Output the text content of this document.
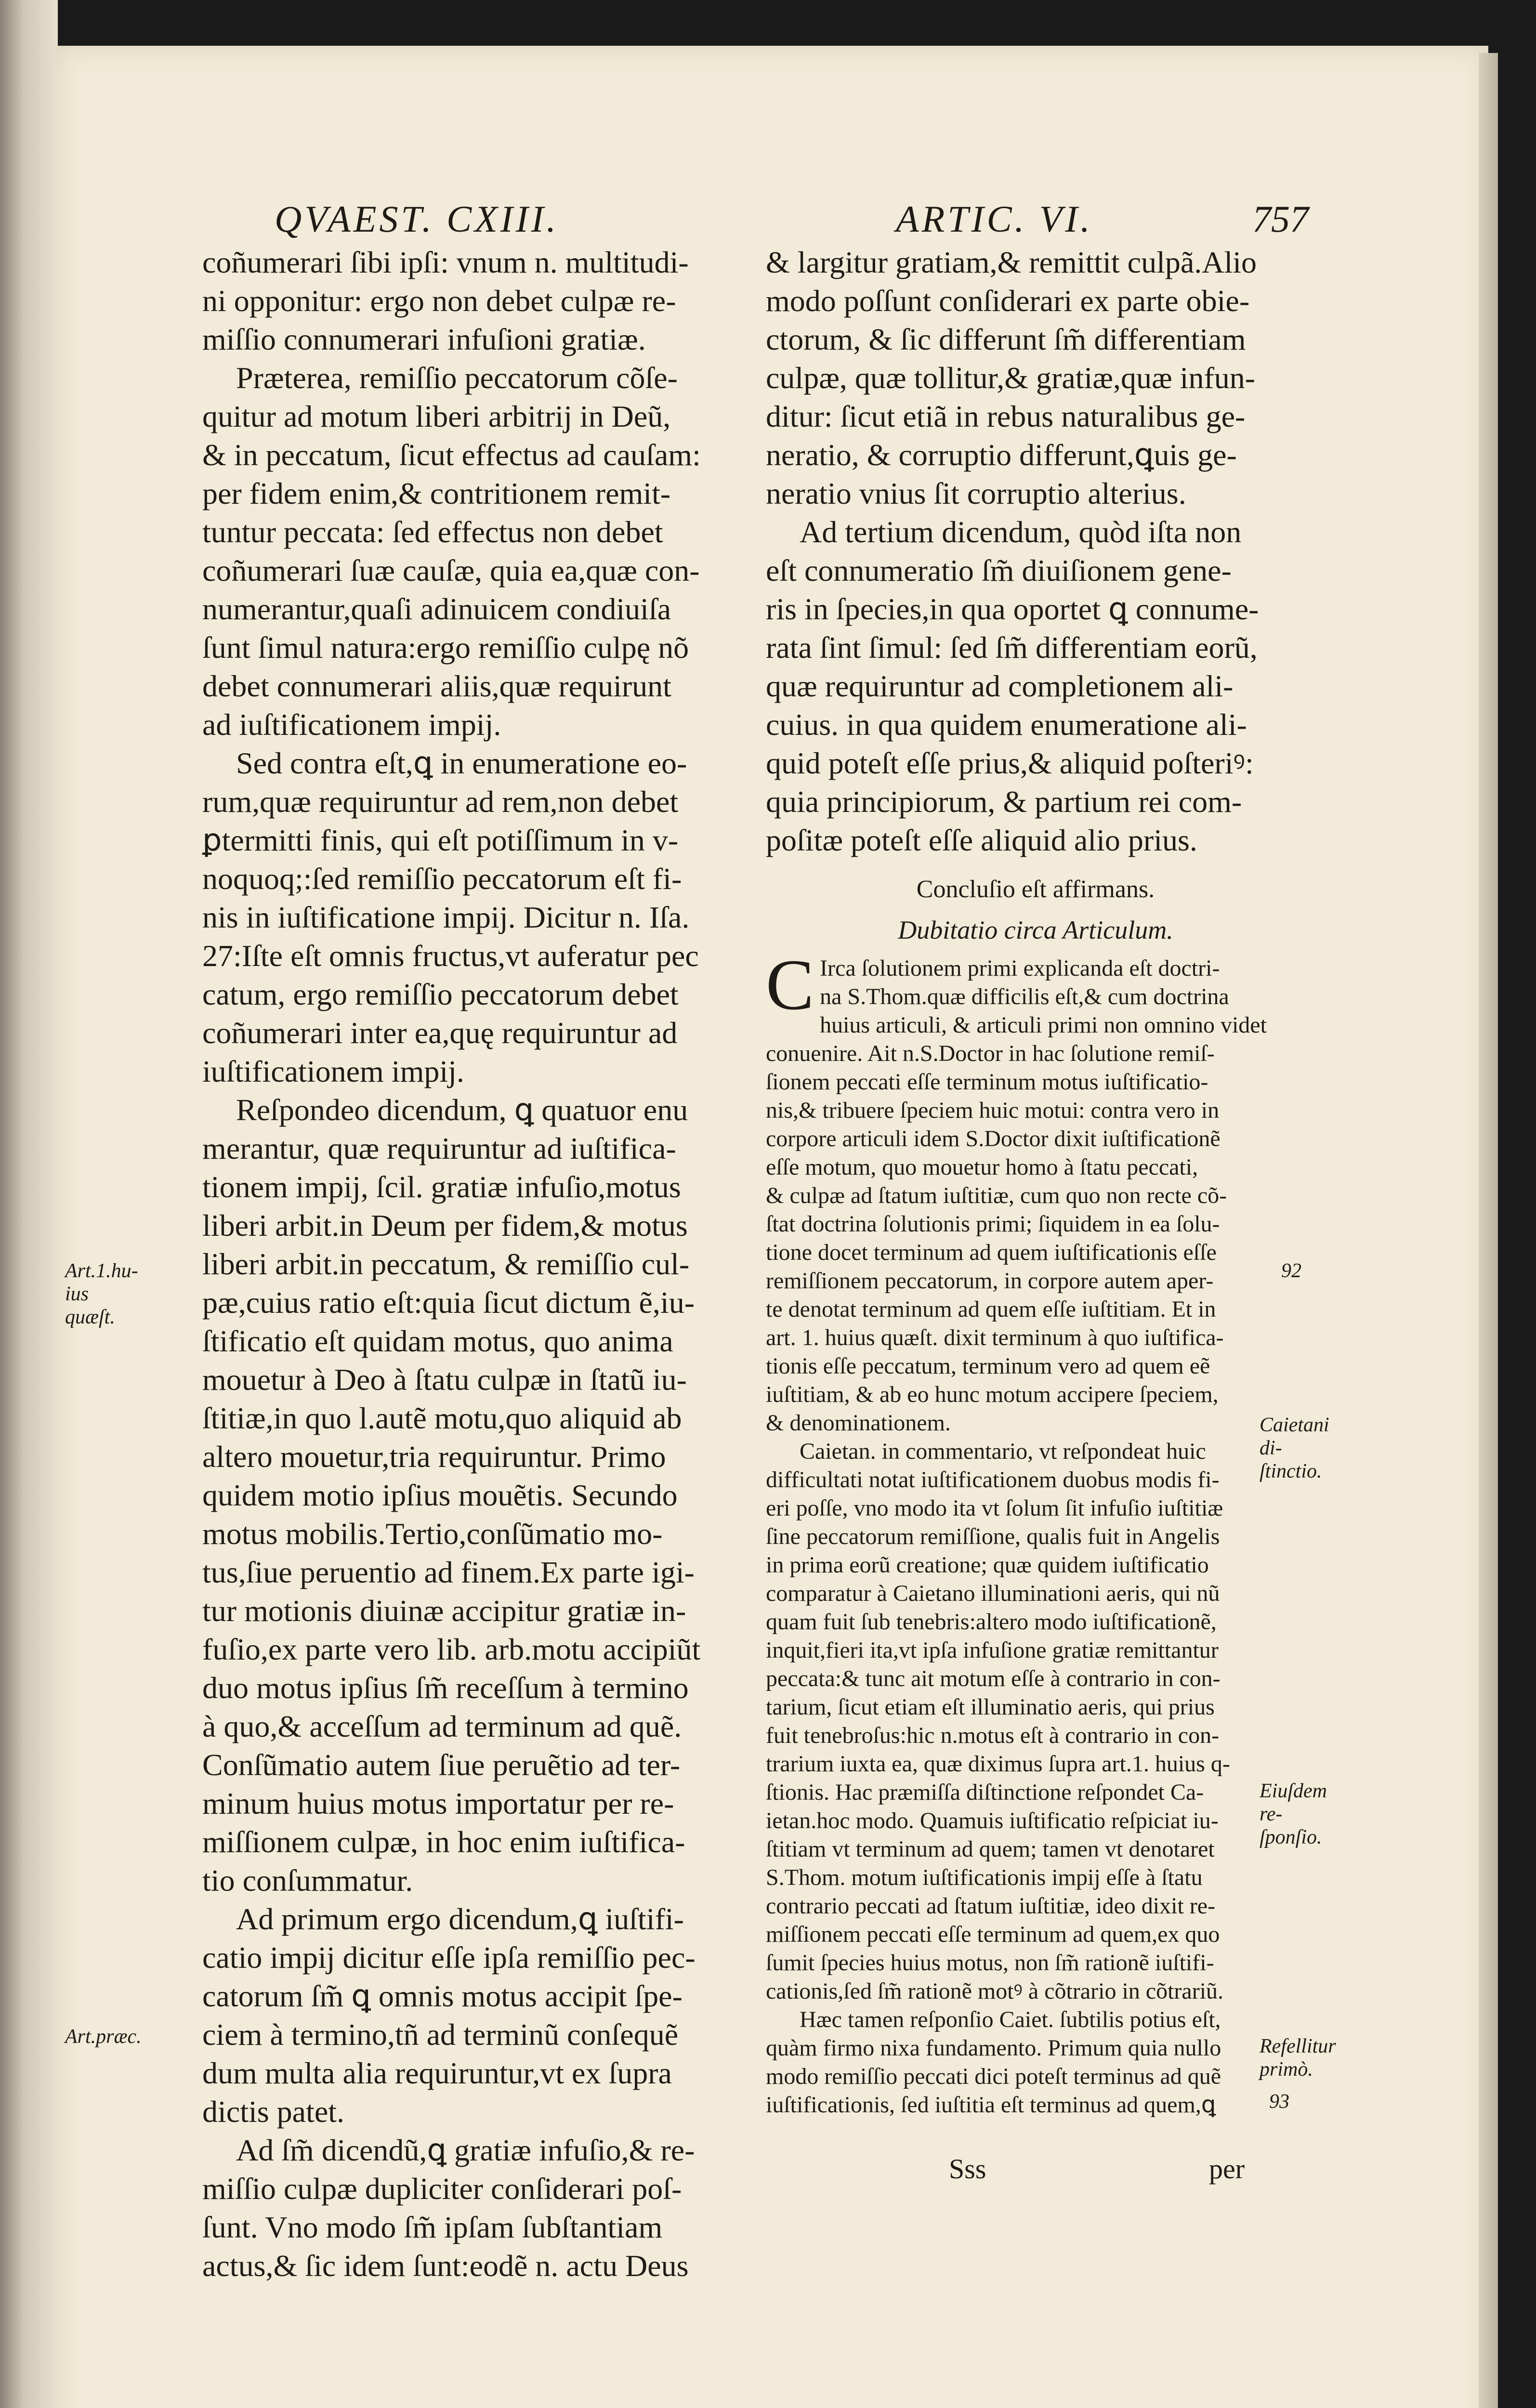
QVAEST. CXIII.	ARTIC. VI.	757
coñumerari ſibi ipſi: vnum n. multitudi-
ni opponitur: ergo non debet culpæ re-
miſſio connumerari infuſioni gratiæ.
Præterea, remiſſio peccatorum cõſe-
quitur ad motum liberi arbitrij in Deũ,
& in peccatum, ſicut effectus ad cauſam:
per fidem enim,& contritionem remit-
tuntur peccata: ſed effectus non debet
coñumerari ſuæ cauſæ, quia ea,quæ con-
numerantur,quaſi adinuicem condiuiſa
ſunt ſimul natura:ergo remiſſio culpę nõ
debet connumerari aliis,quæ requirunt
ad iuſtificationem impij.
Sed contra eſt,ꝗ in enumeratione eo-
rum,quæ requiruntur ad rem,non debet
ꝑtermitti finis, qui eſt potiſſimum in v-
noquoq;:ſed remiſſio peccatorum eſt fi-
nis in iuſtificatione impij. Dicitur n. Iſa.
27:Iſte eſt omnis fructus,vt auferatur pec
catum, ergo remiſſio peccatorum debet
coñumerari inter ea,quę requiruntur ad
iuſtificationem impij.
Reſpondeo dicendum, ꝗ quatuor enu
merantur, quæ requiruntur ad iuſtifica-
tionem impij, ſcil. gratiæ infuſio,motus
liberi arbit.in Deum per fidem,& motus
liberi arbit.in peccatum, & remiſſio cul-
pæ,cuius ratio eſt:quia ſicut dictum ẽ,iu-
ſtificatio eſt quidam motus, quo anima
mouetur à Deo à ſtatu culpæ in ſtatũ iu-
ſtitiæ,in quo l.autẽ motu,quo aliquid ab
altero mouetur,tria requiruntur. Primo
quidem motio ipſius mouẽtis. Secundo
motus mobilis.Tertio,conſũmatio mo-
tus,ſiue peruentio ad finem.Ex parte igi-
tur motionis diuinæ accipitur gratiæ in-
fuſio,ex parte vero lib. arb.motu accipiũt
duo motus ipſius ſm̃ receſſum à termino
à quo,& acceſſum ad terminum ad quẽ.
Conſũmatio autem ſiue peruẽtio ad ter-
minum huius motus importatur per re-
miſſionem culpæ, in hoc enim iuſtifica-
tio conſummatur.
Ad primum ergo dicendum,ꝗ iuſtifi-
catio impij dicitur eſſe ipſa remiſſio pec-
catorum ſm̃ ꝗ omnis motus accipit ſpe-
ciem à termino,tñ ad terminũ conſequẽ
dum multa alia requiruntur,vt ex ſupra
dictis patet.
Ad ſm̃ dicendũ,ꝗ gratiæ infuſio,& re-
miſſio culpæ dupliciter conſiderari poſ-
ſunt. Vno modo ſm̃ ipſam ſubſtantiam
actus,& ſic idem ſunt:eodẽ n. actu Deus
& largitur gratiam,& remittit culpã.Alio
modo poſſunt conſiderari ex parte obie-
ctorum, & ſic differunt ſm̃ differentiam
culpæ, quæ tollitur,& gratiæ,quæ infun-
ditur: ſicut etiã in rebus naturalibus ge-
neratio, & corruptio differunt,ꝗuis ge-
neratio vnius ſit corruptio alterius.
Ad tertium dicendum, quòd iſta non
eſt connumeratio ſm̃ diuiſionem gene-
ris in ſpecies,in qua oportet ꝗ connume-
rata ſint ſimul: ſed ſm̃ differentiam eorũ,
quæ requiruntur ad completionem ali-
cuius. in qua quidem enumeratione ali-
quid poteſt eſſe prius,& aliquid poſteriꝰ:
quia principiorum, & partium rei com-
poſitæ poteſt eſſe aliquid alio prius.
Concluſio eſt affirmans.
Dubitatio circa Articulum.
C Irca ſolutionem primi explicanda eſt doctri-
na S.Thom.quæ difficilis eſt,& cum doctrina
huius articuli, & articuli primi non omnino videt
conuenire. Ait n.S.Doctor in hac ſolutione remiſ-
ſionem peccati eſſe terminum motus iuſtificatio-
nis,& tribuere ſpeciem huic motui: contra vero in
corpore articuli idem S.Doctor dixit iuſtificationẽ
eſſe motum, quo mouetur homo à ſtatu peccati,
& culpæ ad ſtatum iuſtitiæ, cum quo non recte cõ-
ſtat doctrina ſolutionis primi; ſiquidem in ea ſolu-
tione docet terminum ad quem iuſtificationis eſſe
remiſſionem peccatorum, in corpore autem aper-
te denotat terminum ad quem eſſe iuſtitiam. Et in
art. 1. huius quæſt. dixit terminum à quo iuſtifica-
tionis eſſe peccatum, terminum vero ad quem eẽ
iuſtitiam, & ab eo hunc motum accipere ſpeciem,
& denominationem.
Caietan. in commentario, vt reſpondeat huic
difficultati notat iuſtificationem duobus modis fi-
eri poſſe, vno modo ita vt ſolum ſit infuſio iuſtitiæ
ſine peccatorum remiſſione, qualis fuit in Angelis
in prima eorũ creatione; quæ quidem iuſtificatio
comparatur à Caietano illuminationi aeris, qui nũ
quam fuit ſub tenebris:altero modo iuſtificationẽ,
inquit,fieri ita,vt ipſa infuſione gratiæ remittantur
peccata:& tunc ait motum eſſe à contrario in con-
tarium, ſicut etiam eſt illuminatio aeris, qui prius
fuit tenebroſus:hic n.motus eſt à contrario in con-
trarium iuxta ea, quæ diximus ſupra art.1. huius q-
ſtionis. Hac præmiſſa diſtinctione reſpondet Ca-
ietan.hoc modo. Quamuis iuſtificatio reſpiciat iu-
ſtitiam vt terminum ad quem; tamen vt denotaret
S.Thom. motum iuſtificationis impij eſſe à ſtatu
contrario peccati ad ſtatum iuſtitiæ, ideo dixit re-
miſſionem peccati eſſe terminum ad quem,ex quo
ſumit ſpecies huius motus, non ſm̃ rationẽ iuſtifi-
cationis,ſed ſm̃ rationẽ motꝰ à cõtrario in cõtrariũ.
Hæc tamen reſponſio Caiet. ſubtilis potius eſt,
quàm firmo nixa fundamento. Primum quia nullo
modo remiſſio peccati dici poteſt terminus ad quẽ
iuſtificationis, ſed iuſtitia eſt terminus ad quem,ꝗ
Art.1.hu-ius quæſt.
Art.præc.
92
Caietani di-ſtinctio.
Eiuſdem re-ſponſio.
Refellitur primò.
93
Sss	per
